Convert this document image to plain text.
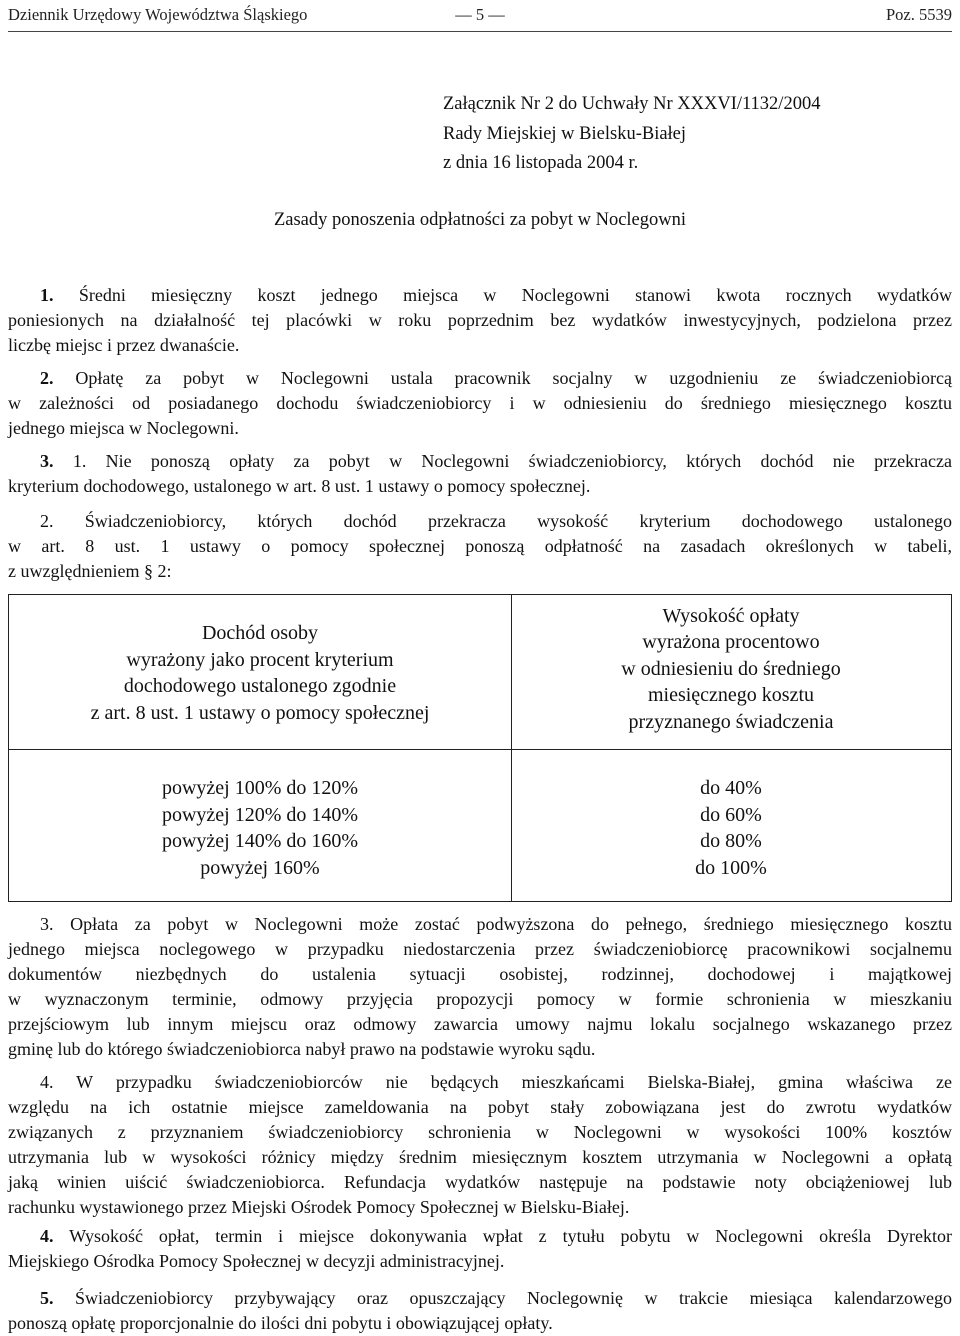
Dziennik Urzędowy Województwa Śląskiego	— 5 —	Poz. 5539
Załącznik Nr 2 do Uchwały Nr XXXVI/1132/2004
Rady Miejskiej w Bielsku-Białej
z dnia 16 listopada 2004 r.
Zasady ponoszenia odpłatności za pobyt w Noclegowni
1. Średni miesięczny koszt jednego miejsca w Noclegowni stanowi kwota rocznych wydatków
poniesionych na działalność tej placówki w roku poprzednim bez wydatków inwestycyjnych, podzielona przez
liczbę miejsc i przez dwanaście.
2. Opłatę za pobyt w Noclegowni ustala pracownik socjalny w uzgodnieniu ze świadczeniobiorcą
w zależności od posiadanego dochodu świadczeniobiorcy i w odniesieniu do średniego miesięcznego kosztu
jednego miejsca w Noclegowni.
3. 1. Nie ponoszą opłaty za pobyt w Noclegowni świadczeniobiorcy, których dochód nie przekracza
kryterium dochodowego, ustalonego w art. 8 ust. 1 ustawy o pomocy społecznej.
2. Świadczeniobiorcy, których dochód przekracza wysokość kryterium dochodowego ustalonego
w art. 8 ust. 1 ustawy o pomocy społecznej ponoszą odpłatność na zasadach określonych w tabeli,
z uwzględnieniem § 2:
Dochód osoby
wyrażony jako procent kryterium
dochodowego ustalonego zgodnie
z art. 8 ust. 1 ustawy o pomocy społecznej
Wysokość opłaty
wyrażona procentowo
w odniesieniu do średniego
miesięcznego kosztu
przyznanego świadczenia
powyżej 100% do 120%
powyżej 120% do 140%
powyżej 140% do 160%
powyżej 160%
do 40%
do 60%
do 80%
do 100%
3. Opłata za pobyt w Noclegowni może zostać podwyższona do pełnego, średniego miesięcznego kosztu
jednego miejsca noclegowego w przypadku niedostarczenia przez świadczeniobiorcę pracownikowi socjalnemu
dokumentów niezbędnych do ustalenia sytuacji osobistej, rodzinnej, dochodowej i majątkowej
w wyznaczonym terminie, odmowy przyjęcia propozycji pomocy w formie schronienia w mieszkaniu
przejściowym lub innym miejscu oraz odmowy zawarcia umowy najmu lokalu socjalnego wskazanego przez
gminę lub do którego świadczeniobiorca nabył prawo na podstawie wyroku sądu.
4. W przypadku świadczeniobiorców nie będących mieszkańcami Bielska-Białej, gmina właściwa ze
względu na ich ostatnie miejsce zameldowania na pobyt stały zobowiązana jest do zwrotu wydatków
związanych z przyznaniem świadczeniobiorcy schronienia w Noclegowni w wysokości 100% kosztów
utrzymania lub w wysokości różnicy między średnim miesięcznym kosztem utrzymania w Noclegowni a opłatą
jaką winien uiścić świadczeniobiorca. Refundacja wydatków następuje na podstawie noty obciążeniowej lub
rachunku wystawionego przez Miejski Ośrodek Pomocy Społecznej w Bielsku-Białej.
4. Wysokość opłat, termin i miejsce dokonywania wpłat z tytułu pobytu w Noclegowni określa Dyrektor
Miejskiego Ośrodka Pomocy Społecznej w decyzji administracyjnej.
5. Świadczeniobiorcy przybywający oraz opuszczający Noclegownię w trakcie miesiąca kalendarzowego
ponoszą opłatę proporcjonalnie do ilości dni pobytu i obowiązującej opłaty.
